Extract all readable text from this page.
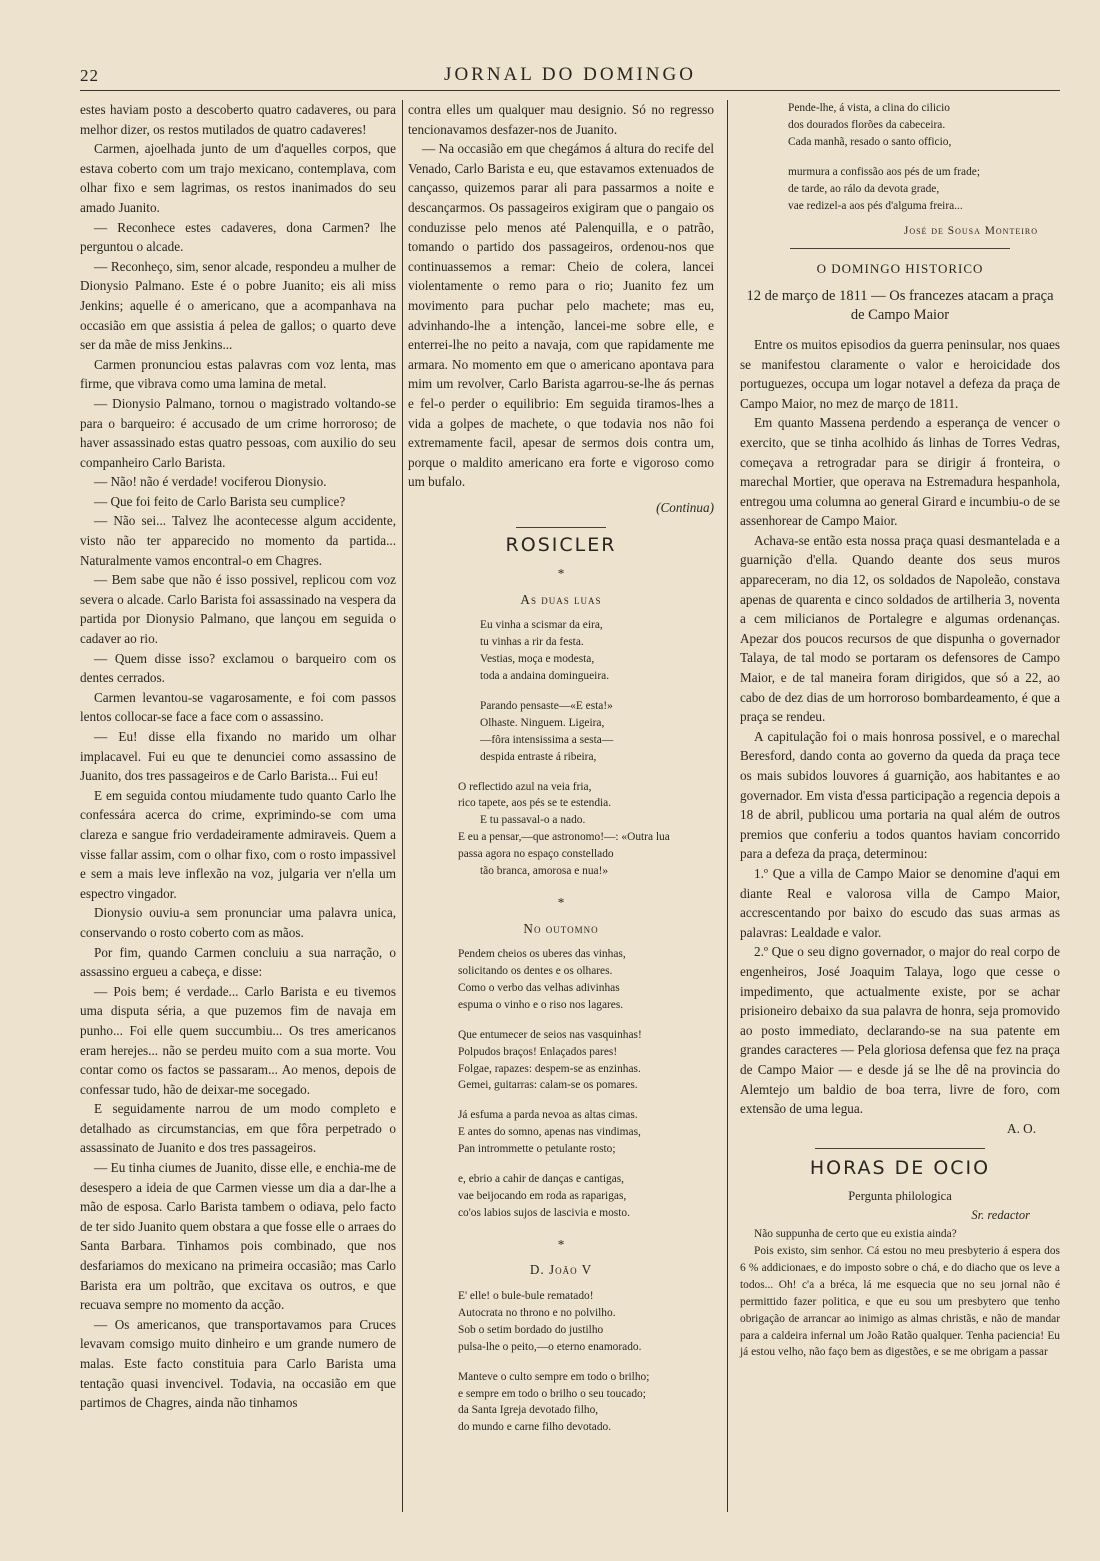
22	JORNAL DO DOMINGO

estes haviam posto a descoberto quatro cadaveres, ou para melhor dizer, os restos mutilados de quatro cadaveres!

Carmen, ajoelhada junto de um d'aquelles corpos, que estava coberto com um trajo mexicano, contemplava, com olhar fixo e sem lagrimas, os restos inanimados do seu amado Juanito.

— Reconhece estes cadaveres, dona Carmen? lhe perguntou o alcade.

— Reconheço, sim, senor alcade, respondeu a mulher de Dionysio Palmano. Este é o pobre Juanito; eis ali miss Jenkins; aquelle é o americano, que a acompanhava na occasião em que assistia á pelea de gallos; o quarto deve ser da mãe de miss Jenkins...

Carmen pronunciou estas palavras com voz lenta, mas firme, que vibrava como uma lamina de metal.

— Dionysio Palmano, tornou o magistrado voltando-se para o barqueiro: é accusado de um crime horroroso; de haver assassinado estas quatro pessoas, com auxilio do seu companheiro Carlo Barista.

— Não! não é verdade! vociferou Dionysio.

— Que foi feito de Carlo Barista seu cumplice?

— Não sei... Talvez lhe acontecesse algum accidente, visto não ter apparecido no momento da partida... Naturalmente vamos encontral-o em Chagres.

— Bem sabe que não é isso possivel, replicou com voz severa o alcade. Carlo Barista foi assassinado na vespera da partida por Dionysio Palmano, que lançou em seguida o cadaver ao rio.

— Quem disse isso? exclamou o barqueiro com os dentes cerrados.

Carmen levantou-se vagarosamente, e foi com passos lentos collocar-se face a face com o assassino.

— Eu! disse ella fixando no marido um olhar implacavel. Fui eu que te denunciei como assassino de Juanito, dos tres passageiros e de Carlo Barista... Fui eu!

E em seguida contou miudamente tudo quanto Carlo lhe confessára acerca do crime, exprimindo-se com uma clareza e sangue frio verdadeiramente admiraveis. Quem a visse fallar assim, com o olhar fixo, com o rosto impassivel e sem a mais leve inflexão na voz, julgaria ver n'ella um espectro vingador.

Dionysio ouviu-a sem pronunciar uma palavra unica, conservando o rosto coberto com as mãos.

Por fim, quando Carmen concluiu a sua narração, o assassino ergueu a cabeça, e disse:

— Pois bem; é verdade... Carlo Barista e eu tivemos uma disputa séria, a que puzemos fim de navaja em punho... Foi elle quem succumbiu... Os tres americanos eram herejes... não se perdeu muito com a sua morte. Vou contar como os factos se passaram... Ao menos, depois de confessar tudo, hão de deixar-me socegado.

E seguidamente narrou de um modo completo e detalhado as circumstancias, em que fôra perpetrado o assassinato de Juanito e dos tres passageiros.

— Eu tinha ciumes de Juanito, disse elle, e enchia-me de desespero a ideia de que Carmen viesse um dia a dar-lhe a mão de esposa. Carlo Barista tambem o odiava, pelo facto de ter sido Juanito quem obstara a que fosse elle o arraes do Santa Barbara. Tinhamos pois combinado, que nos desfariamos do mexicano na primeira occasião; mas Carlo Barista era um poltrão, que excitava os outros, e que recuava sempre no momento da acção.

— Os americanos, que transportavamos para Cruces levavam comsigo muito dinheiro e um grande numero de malas. Este facto constituia para Carlo Barista uma tentação quasi invencivel. Todavia, na occasião em que partimos de Chagres, ainda não tinhamos

contra elles um qualquer mau designio. Só no regresso tencionavamos desfazer-nos de Juanito.

— Na occasião em que chegámos á altura do recife del Venado, Carlo Barista e eu, que estavamos extenuados de cançasso, quizemos parar ali para passarmos a noite e descançarmos. Os passageiros exigiram que o pangaio os conduzisse pelo menos até Palenquilla, e o patrão, tomando o partido dos passageiros, ordenou-nos que continuassemos a remar: Cheio de colera, lancei violentamente o remo para o rio; Juanito fez um movimento para puchar pelo machete; mas eu, advinhando-lhe a intenção, lancei-me sobre elle, e enterrei-lhe no peito a navaja, com que rapidamente me armara. No momento em que o americano apontava para mim um revolver, Carlo Barista agarrou-se-lhe ás pernas e fel-o perder o equilibrio: Em seguida tiramos-lhes a vida a golpes de machete, o que todavia nos não foi extremamente facil, apesar de sermos dois contra um, porque o maldito americano era forte e vigoroso como um bufalo.

(Continua)
ROSICLER
*
As duas luas
Eu vinha a scismar da eira,
tu vinhas a rir da festa.
Vestias, moça e modesta,
toda a andaina domingueira.
Parando pensaste—«E esta!»
Olhaste. Ninguem. Ligeira,
—fôra intensissima a sesta—
despida entraste á ribeira,
O reflectido azul na veia fria,
rico tapete, aos pés se te estendia.
E tu passaval-o a nado.
E eu a pensar,—que astronomo!—: «Outra lua
passa agora no espaço constellado
tão branca, amorosa e nua!»
*
No outomno
Pendem cheios os uberes das vinhas,
solicitando os dentes e os olhares.
Como o verbo das velhas adivinhas
espuma o vinho e o riso nos lagares.
Que entumecer de seios nas vasquinhas!
Polpudos braços! Enlaçados pares!
Folgae, rapazes: despem-se as enzinhas.
Gemei, guitarras: calam-se os pomares.
Já esfuma a parda nevoa as altas cimas.
E antes do somno, apenas nas vindimas,
Pan intrommette o petulante rosto;
e, ebrio a cahir de danças e cantigas,
vae beijocando em roda as raparigas,
co'os labios sujos de lascivia e mosto.
*
D. João V
E' elle! o bule-bule rematado!
Autocrata no throno e no polvilho.
Sob o setim bordado do justilho
pulsa-lhe o peito,—o eterno enamorado.
Manteve o culto sempre em todo o brilho;
e sempre em todo o brilho o seu toucado;
da Santa Igreja devotado filho,
do mundo e carne filho devotado.
Pende-lhe, á vista, a clina do cilicio
dos dourados florões da cabeceira.
Cada manhã, resado o santo officio,
murmura a confissão aos pés de um frade;
de tarde, ao rálo da devota grade,
vae redizel-a aos pés d'alguma freira...
José de Sousa Monteiro
O DOMINGO HISTORICO
12 de março de 1811 — Os francezes atacam a praça de Campo Maior

Entre os muitos episodios da guerra peninsular, nos quaes se manifestou claramente o valor e heroicidade dos portuguezes, occupa um logar notavel a defeza da praça de Campo Maior, no mez de março de 1811.

Em quanto Massena perdendo a esperança de vencer o exercito, que se tinha acolhido ás linhas de Torres Vedras, começava a retrogradar para se dirigir á fronteira, o marechal Mortier, que operava na Estremadura hespanhola, entregou uma columna ao general Girard e incumbiu-o de se assenhorear de Campo Maior.

Achava-se então esta nossa praça quasi desmantelada e a guarnição d'ella. Quando deante dos seus muros appareceram, no dia 12, os soldados de Napoleão, constava apenas de quarenta e cinco soldados de artilheria 3, noventa a cem milicianos de Portalegre e algumas ordenanças. Apezar dos poucos recursos de que dispunha o governador Talaya, de tal modo se portaram os defensores de Campo Maior, e de tal maneira foram dirigidos, que só a 22, ao cabo de dez dias de um horroroso bombardeamento, é que a praça se rendeu.

A capitulação foi o mais honrosa possivel, e o marechal Beresford, dando conta ao governo da queda da praça tece os mais subidos louvores á guarnição, aos habitantes e ao governador. Em vista d'essa participação a regencia depois a 18 de abril, publicou uma portaria na qual além de outros premios que conferiu a todos quantos haviam concorrido para a defeza da praça, determinou:

1.º Que a villa de Campo Maior se denomine d'aqui em diante Real e valorosa villa de Campo Maior, accrescentando por baixo do escudo das suas armas as palavras: Lealdade e valor.

2.º Que o seu digno governador, o major do real corpo de engenheiros, José Joaquim Talaya, logo que cesse o impedimento, que actualmente existe, por se achar prisioneiro debaixo da sua palavra de honra, seja promovido ao posto immediato, declarando-se na sua patente em grandes caracteres — Pela gloriosa defensa que fez na praça de Campo Maior — e desde já se lhe dê na provincia do Alemtejo um baldio de boa terra, livre de foro, com extensão de uma legua.

A. O.
HORAS DE OCIO
Pergunta philologica
Sr. redactor

Não suppunha de certo que eu existia ainda?

Pois existo, sim senhor. Cá estou no meu presbyterio á espera dos 6 % addicionaes, e do imposto sobre o chá, e do diacho que os leve a todos... Oh! c'a a bréca, lá me esquecia que no seu jornal não é permittido fazer politica, e que eu sou um presbytero que tenho obrigação de arrancar ao inimigo as almas christãs, e não de mandar para a caldeira infernal um João Ratão qualquer. Tenha paciencia! Eu já estou velho, não faço bem as digestões, e se me obrigam a passar
